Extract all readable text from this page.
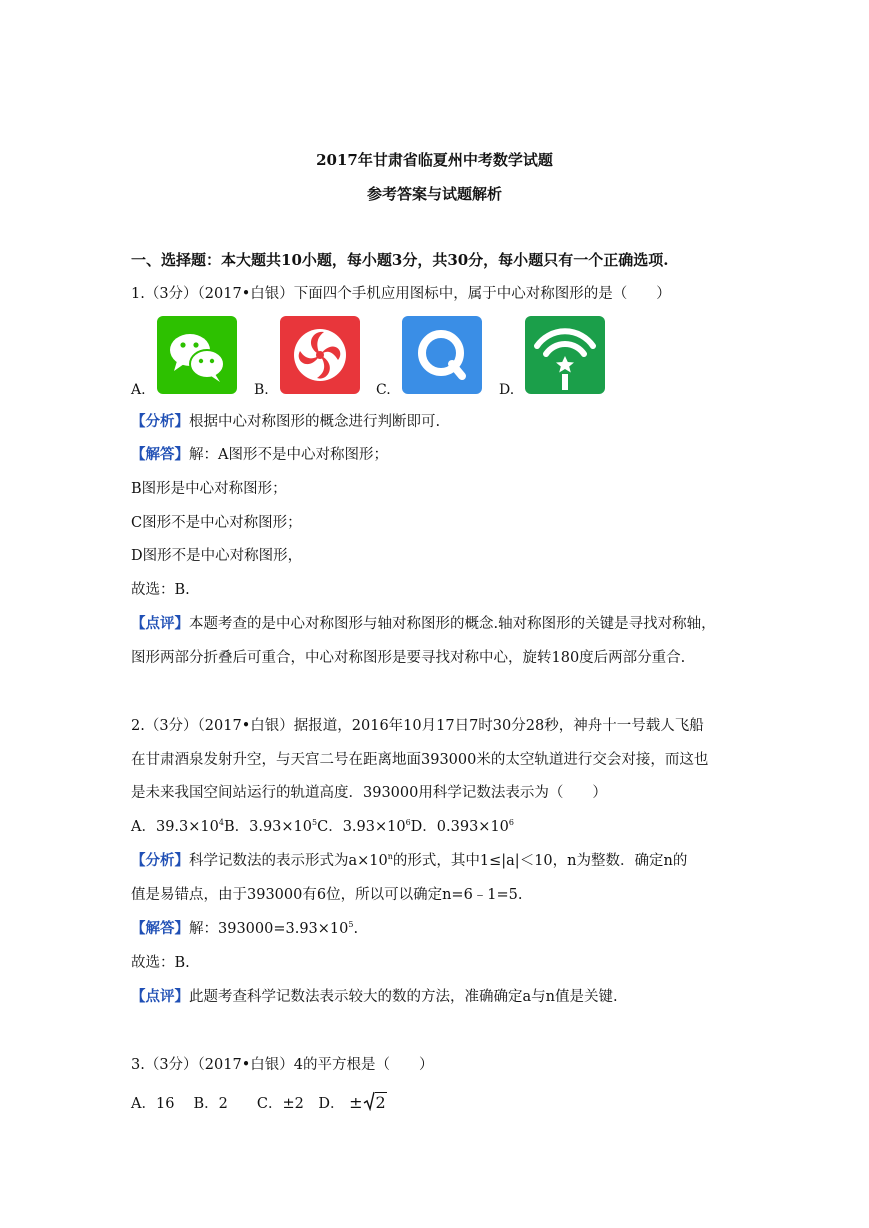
2017年甘肃省临夏州中考数学试题
参考答案与试题解析
一、选择题：本大题共10小题，每小题3分，共30分，每小题只有一个正确选项.
1.（3分）（2017•白银）下面四个手机应用图标中，属于中心对称图形的是（　　）
A.	B.	C.	D.
【分析】根据中心对称图形的概念进行判断即可.
【解答】解：A图形不是中心对称图形；
B图形是中心对称图形；
C图形不是中心对称图形；
D图形不是中心对称图形，
故选：B.
【点评】本题考查的是中心对称图形与轴对称图形的概念.轴对称图形的关键是寻找对称轴，
图形两部分折叠后可重合，中心对称图形是要寻找对称中心，旋转180度后两部分重合.
2.（3分）（2017•白银）据报道，2016年10月17日7时30分28秒，神舟十一号载人飞船
在甘肃酒泉发射升空，与天宫二号在距离地面393000米的太空轨道进行交会对接，而这也
是未来我国空间站运行的轨道高度．393000用科学记数法表示为（　　）
A．$39.3\times 10^4B$．$3.93\times 10^5C$．$3.93\times 10^6D$．$0.393\times 10^6$
【分析】科学记数法的表示形式为$a\times 10^n$的形式，其中1≤|a|＜10，n为整数．确定n的
值是易错点，由于393000有6位，所以可以确定n=6﹣1=5.
【解答】解：$393000=3.93\times 10^5$.
故选：B.
【点评】此题考查科学记数法表示较大的数的方法，准确确定a与n值是关键.
3.（3分）（2017•白银）4的平方根是（　　）
A．16　 B．2　　C．±2　D． ± 2
